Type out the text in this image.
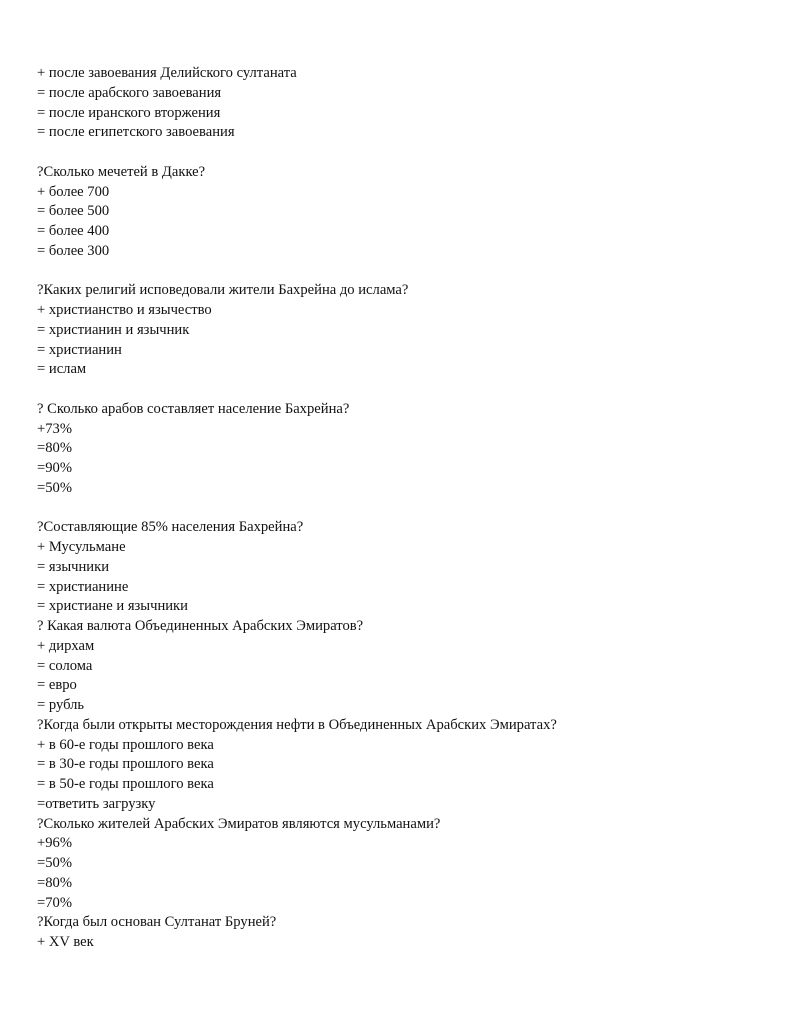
+ после завоевания Делийского султаната
= после арабского завоевания
= после иранского вторжения
= после египетского завоевания
?Сколько мечетей в Дакке?
+ более 700
= более 500
= более 400
= более 300
?Каких религий исповедовали жители Бахрейна до ислама?
+ христианство и язычество
= христианин и язычник
= христианин
= ислам
? Сколько арабов составляет население Бахрейна?
+73%
=80%
=90%
=50%
?Составляющие 85% населения Бахрейна?
+ Мусульмане
= язычники
= христианине
= христиане и язычники
? Какая валюта Объединенных Арабских Эмиратов?
+ дирхам
= солома
= евро
= рубль
?Когда были открыты месторождения нефти в Объединенных Арабских Эмиратах?
+ в 60-е годы прошлого века
= в 30-е годы прошлого века
= в 50-е годы прошлого века
=ответить загрузку
?Сколько жителей Арабских Эмиратов являются мусульманами?
+96%
=50%
=80%
=70%
?Когда был основан Султанат Бруней?
+ XV век
